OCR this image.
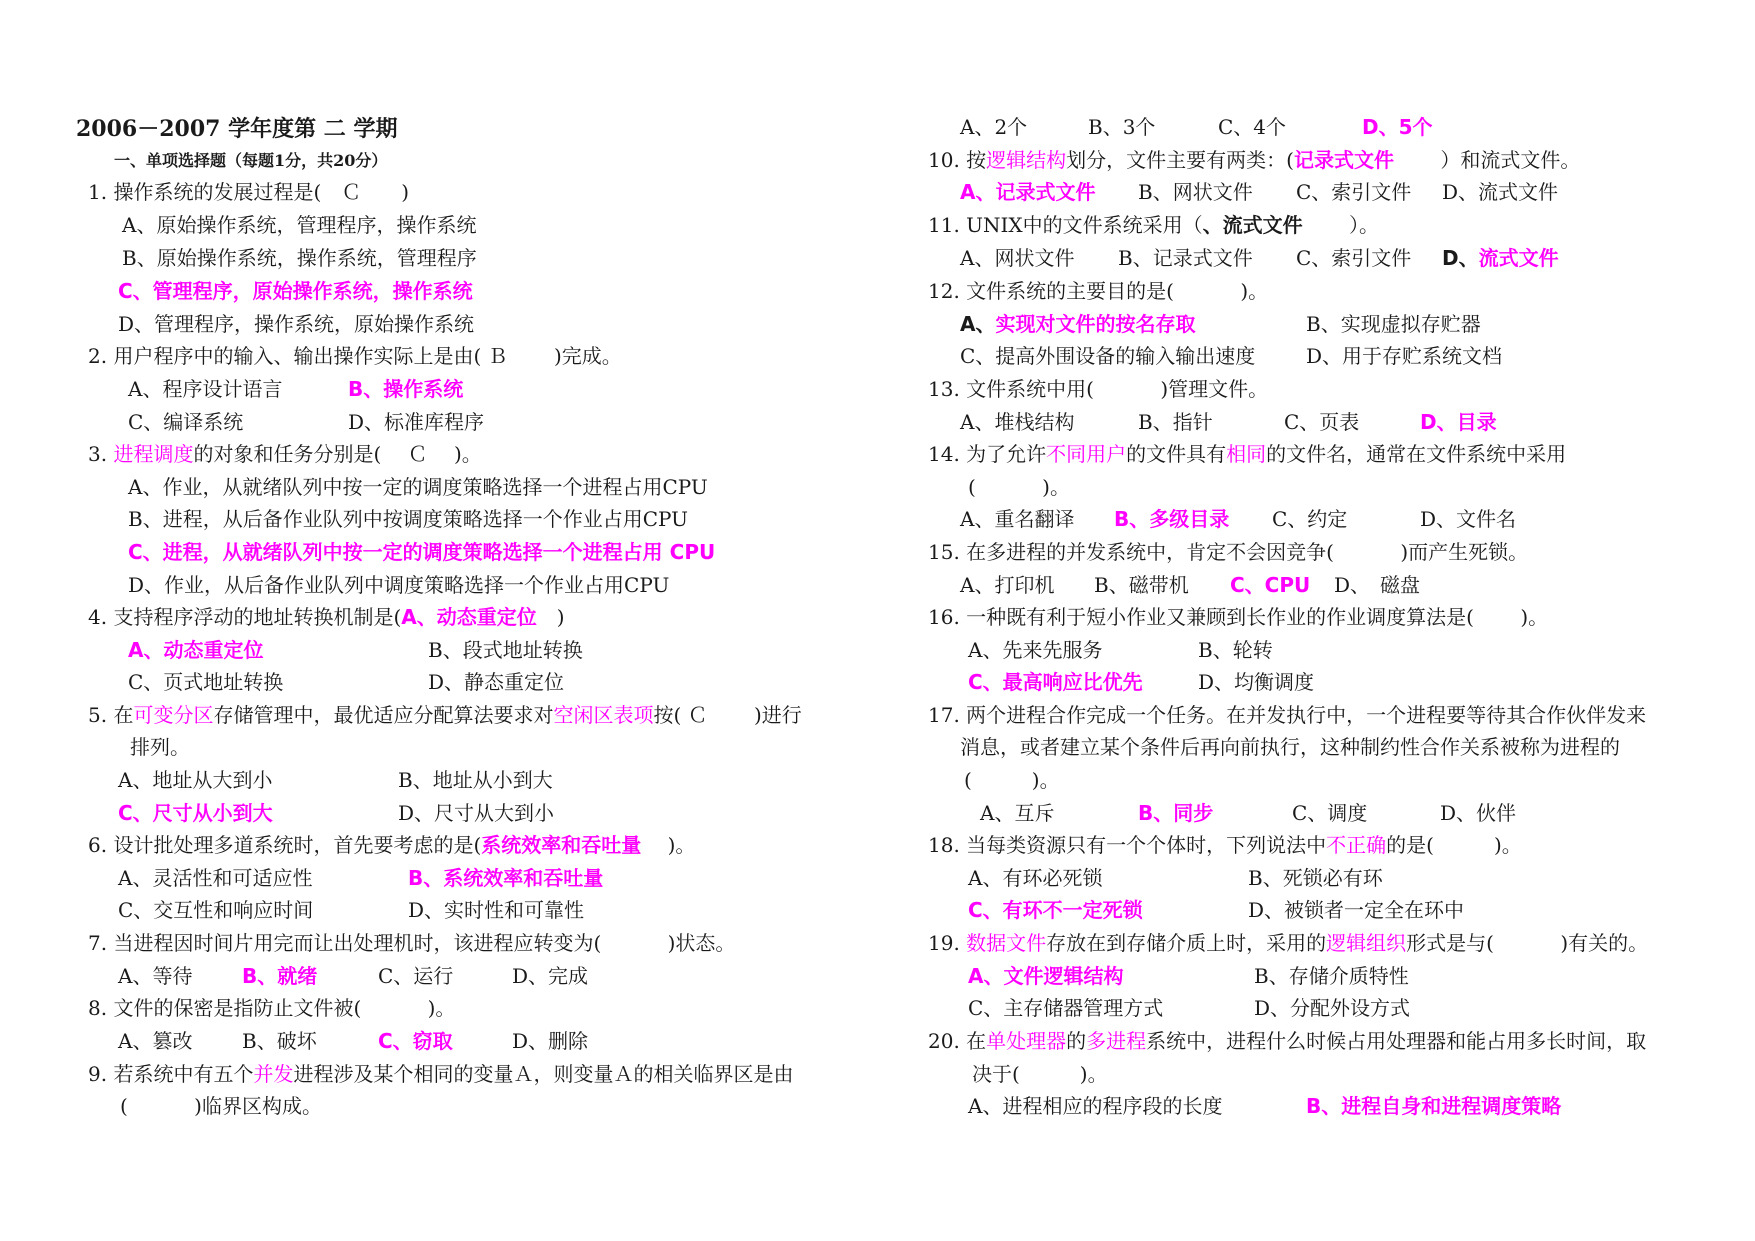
2006－2007 学年度第 二 学期
一、单项选择题（每题1分，共20分）
1. 操作系统的发展过程是(　Ｃ　　)
A、原始操作系统，管理程序，操作系统
B、原始操作系统，操作系统，管理程序
C、管理程序，原始操作系统，操作系统
D、管理程序，操作系统，原始操作系统
2. 用户程序中的输入、输出操作实际上是由( Ｂ　　 )完成。
A、程序设计语言	B、操作系统
C、编译系统	D、标准库程序
3. 进程调度的对象和任务分别是(　 Ｃ　 )。
A、作业，从就绪队列中按一定的调度策略选择一个进程占用CPU
B、进程，从后备作业队列中按调度策略选择一个作业占用CPU
C、进程，从就绪队列中按一定的调度策略选择一个进程占用 CPU
D、作业，从后备作业队列中调度策略选择一个作业占用CPU
4. 支持程序浮动的地址转换机制是(A、动态重定位　)
A、动态重定位	B、段式地址转换
C、页式地址转换	D、静态重定位
5. 在可变分区存储管理中，最优适应分配算法要求对空闲区表项按( Ｃ　　 )进行
排列。
A、地址从大到小	B、地址从小到大
C、尺寸从小到大	D、尺寸从大到小
6. 设计批处理多道系统时，首先要考虑的是(系统效率和吞吐量　 )。
A、灵活性和可适应性	B、系统效率和吞吐量
C、交互性和响应时间	D、实时性和可靠性
7. 当进程因时间片用完而让出处理机时，该进程应转变为(　　　 )状态。
A、等待 B、就绪	C、运行	D、完成
8. 文件的保密是指防止文件被(　　　 )。
A、篡改 B、破坏	C、窃取	D、删除
9. 若系统中有五个并发进程涉及某个相同的变量Ａ，则变量Ａ的相关临界区是由
(　　　 )临界区构成。
A、2个	B、3个	C、4个	D、5个
10. 按逻辑结构划分，文件主要有两类：(记录式文件　　 ）和流式文件。
A、记录式文件 B、网状文件 C、索引文件 D、流式文件
11. UNIX中的文件系统采用（、流式文件　　 ）。
A、网状文件 B、记录式文件 C、索引文件 D、流式文件
12. 文件系统的主要目的是(　　　 )。
A、实现对文件的按名存取	B、实现虚拟存贮器
C、提高外围设备的输入输出速度	D、用于存贮系统文档
13. 文件系统中用(　　　 )管理文件。
A、堆栈结构	B、指针	C、页表	D、目录
14. 为了允许不同用户的文件具有相同的文件名，通常在文件系统中采用
(　　　 )。
A、重名翻译 B、多级目录 C、约定	D、文件名
15. 在多进程的并发系统中，肯定不会因竞争(　　　 )而产生死锁。
A、打印机 B、磁带机 C、CPU D、　磁盘
16. 一种既有利于短小作业又兼顾到长作业的作业调度算法是(　　 )。
A、先来先服务	B、轮转
C、最高响应比优先	D、均衡调度
17. 两个进程合作完成一个任务。在并发执行中，一个进程要等待其合作伙伴发来
消息，或者建立某个条件后再向前执行，这种制约性合作关系被称为进程的
(　　　)。
A、互斥	B、同步	C、调度	D、伙伴
18. 当每类资源只有一个个体时，下列说法中不正确的是(　　　)。
A、有环必死锁	B、死锁必有环
C、有环不一定死锁	D、被锁者一定全在环中
19. 数据文件存放在到存储介质上时，采用的逻辑组织形式是与(　　　 )有关的。
A、文件逻辑结构	B、存储介质特性
C、主存储器管理方式	D、分配外设方式
20. 在单处理器的多进程系统中，进程什么时候占用处理器和能占用多长时间，取
决于(　　　)。
A、进程相应的程序段的长度	B、进程自身和进程调度策略
